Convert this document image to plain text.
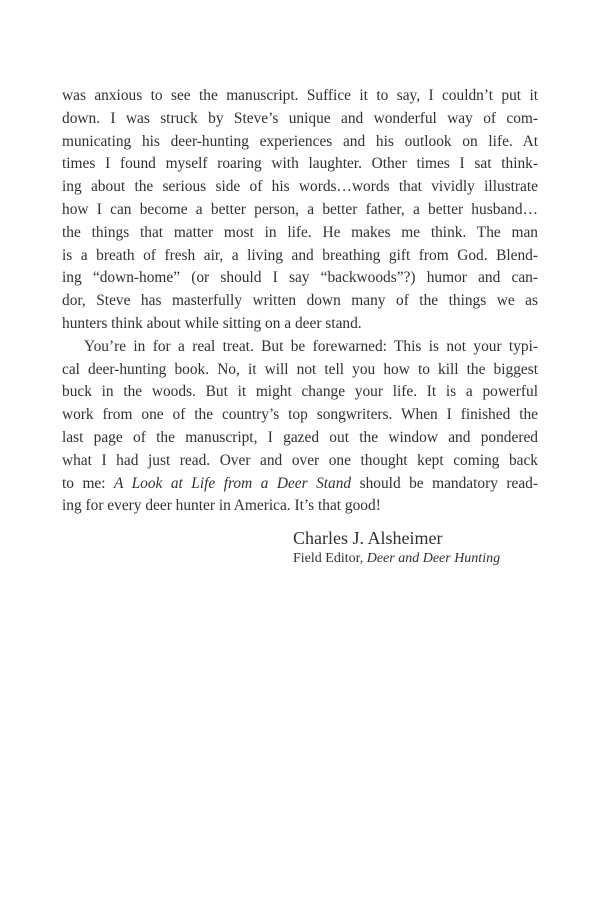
was anxious to see the manuscript. Suffice it to say, I couldn’t put it
down. I was struck by Steve’s unique and wonderful way of com-
municating his deer-hunting experiences and his outlook on life. At
times I found myself roaring with laughter. Other times I sat think-
ing about the serious side of his words…words that vividly illustrate
how I can become a better person, a better father, a better husband…
the things that matter most in life. He makes me think. The man
is a breath of fresh air, a living and breathing gift from God. Blend-
ing “down-home” (or should I say “backwoods”?) humor and can-
dor, Steve has masterfully written down many of the things we as
hunters think about while sitting on a deer stand.
You’re in for a real treat. But be forewarned: This is not your typi-
cal deer-hunting book. No, it will not tell you how to kill the biggest
buck in the woods. But it might change your life. It is a powerful
work from one of the country’s top songwriters. When I finished the
last page of the manuscript, I gazed out the window and pondered
what I had just read. Over and over one thought kept coming back
to me: A Look at Life from a Deer Stand should be mandatory read-
ing for every deer hunter in America. It’s that good!
Charles J. Alsheimer
Field Editor, Deer and Deer Hunting
